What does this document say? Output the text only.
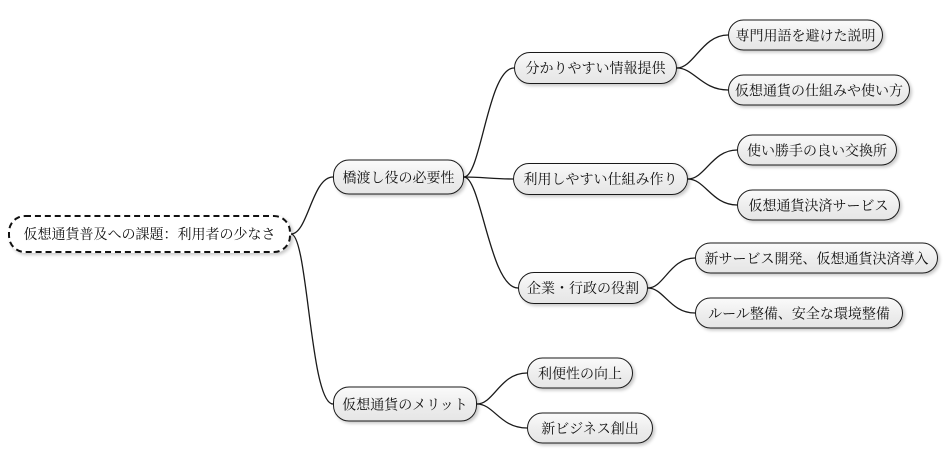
仮想通貨普及への課題：利用者の少なさ
橋渡し役の必要性
仮想通貨のメリット
分かりやすい情報提供
利用しやすい仕組み作り
企業・行政の役割
専門用語を避けた説明
仮想通貨の仕組みや使い方
使い勝手の良い交換所
仮想通貨決済サービス
新サービス開発、仮想通貨決済導入
ルール整備、安全な環境整備
利便性の向上
新ビジネス創出
